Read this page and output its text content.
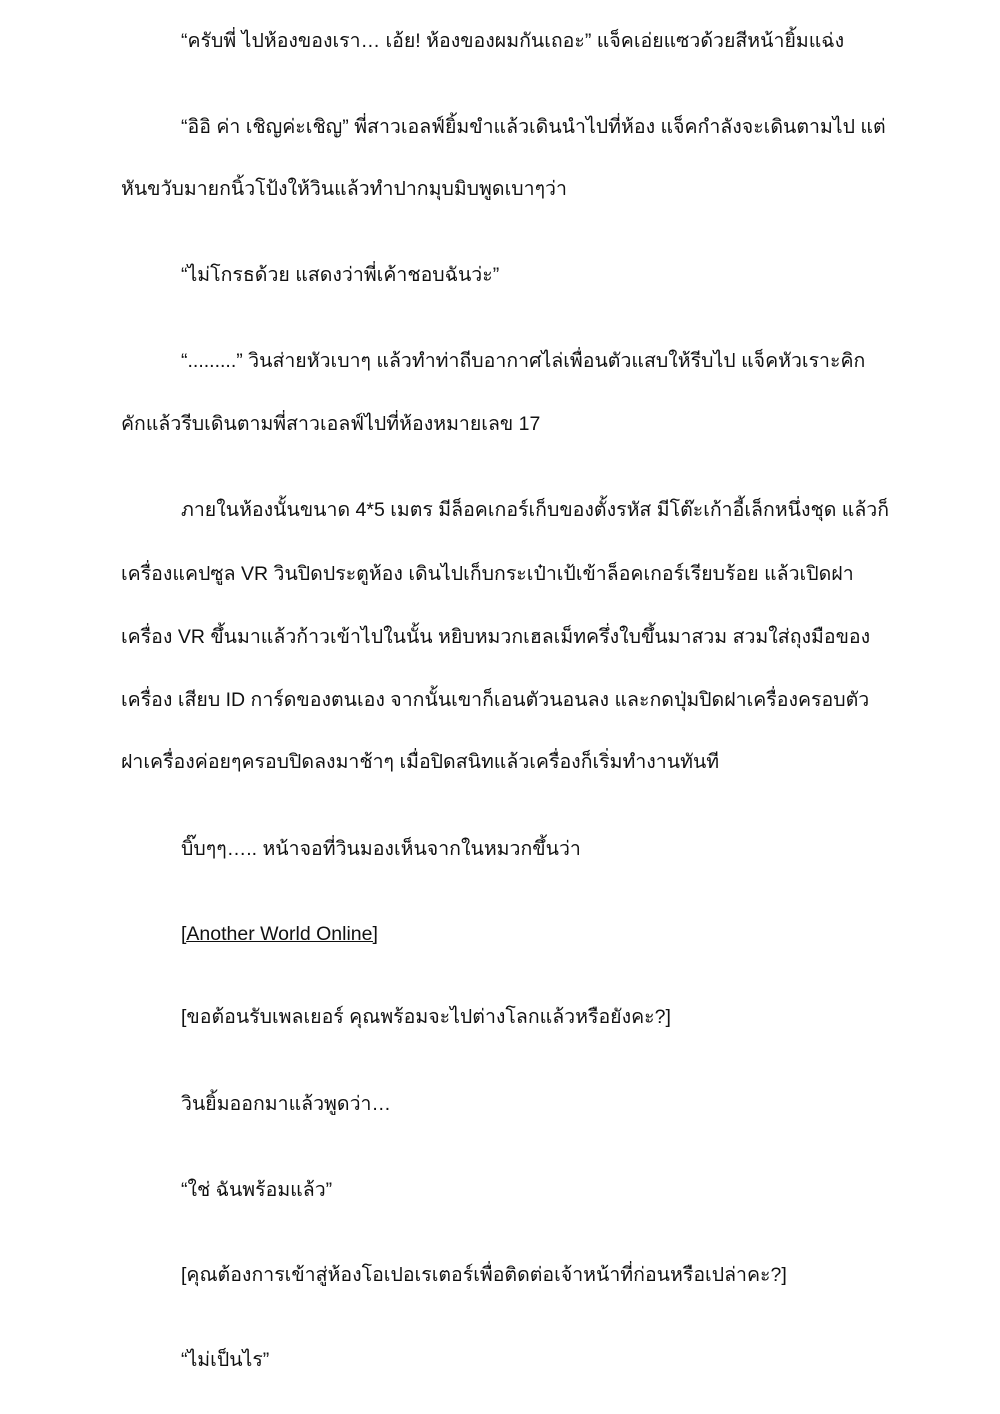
“ครับพี่ ไปห้องของเรา… เอ้ย! ห้องของผมกันเถอะ” แจ็คเอ่ยแซวด้วยสีหน้ายิ้มแฉ่ง
“อิอิ ค่า เชิญค่ะเชิญ” พี่สาวเอลฟ์ยิ้มขำแล้วเดินนำไปที่ห้อง แจ็คกำลังจะเดินตามไป แต่
หันขวับมายกนิ้วโป้งให้วินแล้วทำปากมุบมิบพูดเบาๆว่า
“ไม่โกรธด้วย แสดงว่าพี่เค้าชอบฉันว่ะ”
“.........” วินส่ายหัวเบาๆ แล้วทำท่าถีบอากาศไล่เพื่อนตัวแสบให้รีบไป แจ็คหัวเราะคิก
คักแล้วรีบเดินตามพี่สาวเอลฟ์ไปที่ห้องหมายเลข 17
ภายในห้องนั้นขนาด 4*5 เมตร มีล็อคเกอร์เก็บของตั้งรหัส มีโต๊ะเก้าอี้เล็กหนึ่งชุด แล้วก็
เครื่องแคปซูล VR วินปิดประตูห้อง เดินไปเก็บกระเป๋าเป้เข้าล็อคเกอร์เรียบร้อย แล้วเปิดฝา
เครื่อง VR ขึ้นมาแล้วก้าวเข้าไปในนั้น หยิบหมวกเฮลเม็ทครึ่งใบขึ้นมาสวม สวมใส่ถุงมือของ
เครื่อง เสียบ ID การ์ดของตนเอง จากนั้นเขาก็เอนตัวนอนลง และกดปุ่มปิดฝาเครื่องครอบตัว
ฝาเครื่องค่อยๆครอบปิดลงมาช้าๆ เมื่อปิดสนิทแล้วเครื่องก็เริ่มทำงานทันที
บิ๊บๆๆ….. หน้าจอที่วินมองเห็นจากในหมวกขึ้นว่า
[Another World Online]
[ขอต้อนรับเพลเยอร์ คุณพร้อมจะไปต่างโลกแล้วหรือยังคะ?]
วินยิ้มออกมาแล้วพูดว่า…
“ใช่ ฉันพร้อมแล้ว”
[คุณต้องการเข้าสู่ห้องโอเปอเรเตอร์เพื่อติดต่อเจ้าหน้าที่ก่อนหรือเปล่าคะ?]
“ไม่เป็นไร”
